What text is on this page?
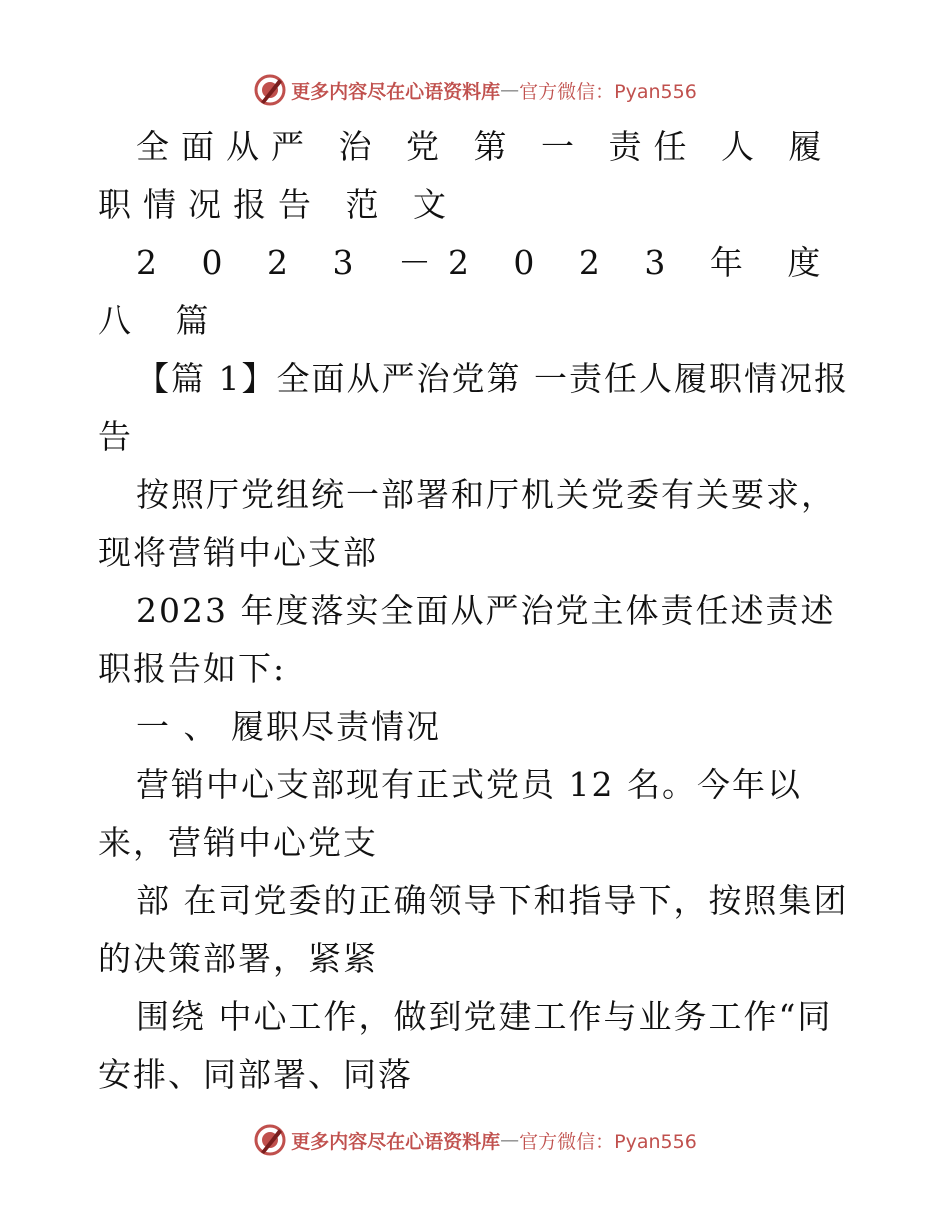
更多内容尽在心语资料库 — 官方微信：Pyan556

全面从严 治 党 第 一 责任 人 履 职情况报告 范 文

2 0 2 3 －2 0 2 3 年 度 八 篇

【篇 1】全面从严治党第 一责任人履职情况报告

按照厅党组统一部署和厅机关党委有关要求，现将营销中心支部

2023 年度落实全面从严治党主体责任述责述职报告如下:

一 、 履职尽责情况

营销中心支部现有正式党员 12 名。今年以来，营销中心党支

部 在司党委的正确领导下和指导下，按照集团的决策部署，紧紧

围绕 中心工作，做到党建工作与业务工作“同安排、同部署、同落

更多内容尽在心语资料库 — 官方微信：Pyan556
